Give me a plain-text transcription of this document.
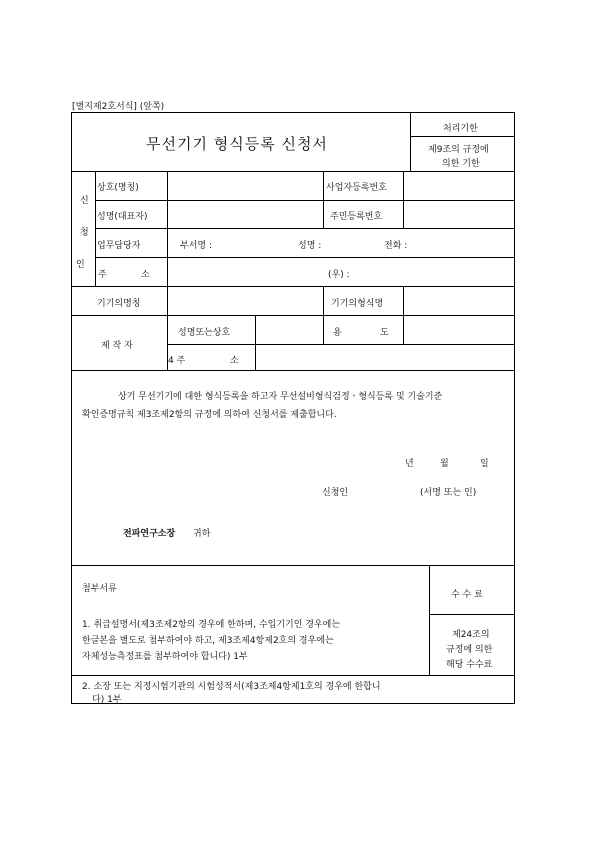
[별지제2호서식] (앞쪽)
무선기기 형식등록 신청서
처리기한
제9조의 규정에
의한 기한
신
청
인
상호(명칭)	사업자등록번호
성명(대표자)	주민등록번호
업무담당자	부서명 :	성명 :	전화 :
주	소	(우) :
기기의명칭	기기의형식명
제 작 자
성명또는상호	용	도
4 주	소
상기 무선기기에 대한 형식등록을 하고자 무선설비형식검정ㆍ형식등록 및 기술기준
확인증명규칙 제3조제2항의 규정에 의하여 신청서를 제출합니다.
년	월	일
신청인	(서명 또는 인)
전파연구소장 귀하
첨부서류
1. 취급설명서(제3조제2항의 경우에 한하며, 수입기기인 경우에는
한글본을 별도로 첨부하여야 하고, 제3조제4항제2호의 경우에는
자체성능측정표를 첨부하여야 합니다) 1부
2. 소장 또는 지정시험기관의 시험성적서(제3조제4항제1호의 경우에 한합니
다) 1부
수 수 료
제24조의
규정에 의한
해당 수수료
